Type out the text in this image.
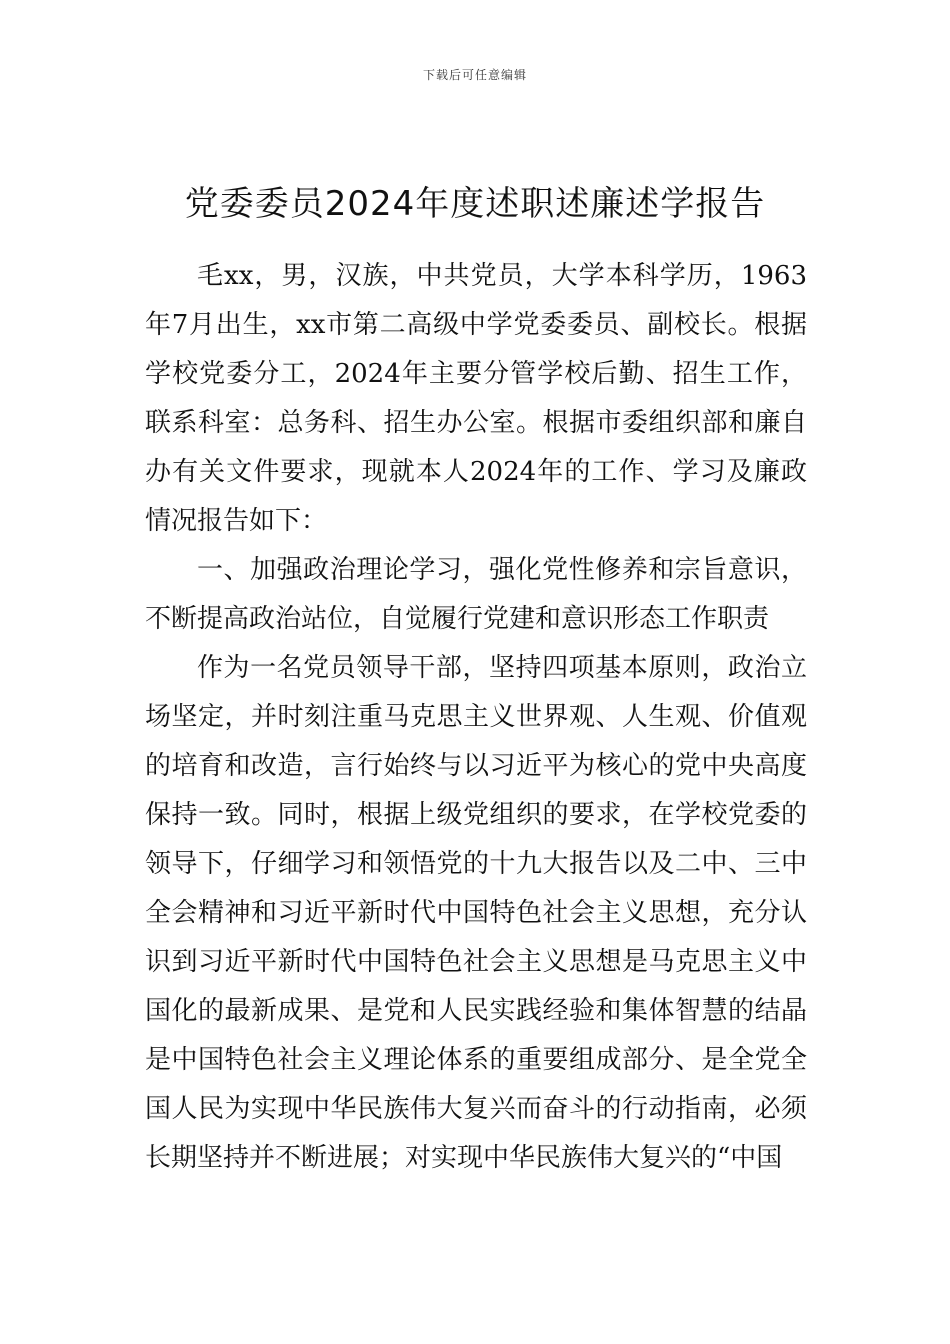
下载后可任意编辑
党委委员2024年度述职述廉述学报告

毛xx，男，汉族，中共党员，大学本科学历，1963年7月出生，xx市第二高级中学党委委员、副校长。根据学校党委分工，2024年主要分管学校后勤、招生工作，联系科室：总务科、招生办公室。根据市委组织部和廉自办有关文件要求，现就本人2024年的工作、学习及廉政情况报告如下：

一、加强政治理论学习，强化党性修养和宗旨意识，不断提高政治站位，自觉履行党建和意识形态工作职责

作为一名党员领导干部，坚持四项基本原则，政治立场坚定，并时刻注重马克思主义世界观、人生观、价值观的培育和改造，言行始终与以习近平为核心的党中央高度保持一致。同时，根据上级党组织的要求，在学校党委的领导下，仔细学习和领悟党的十九大报告以及二中、三中全会精神和习近平新时代中国特色社会主义思想，充分认识到习近平新时代中国特色社会主义思想是马克思主义中国化的最新成果、是党和人民实践经验和集体智慧的结晶是中国特色社会主义理论体系的重要组成部分、是全党全国人民为实现中华民族伟大复兴而奋斗的行动指南，必须长期坚持并不断进展；对实现中华民族伟大复兴的“中国
